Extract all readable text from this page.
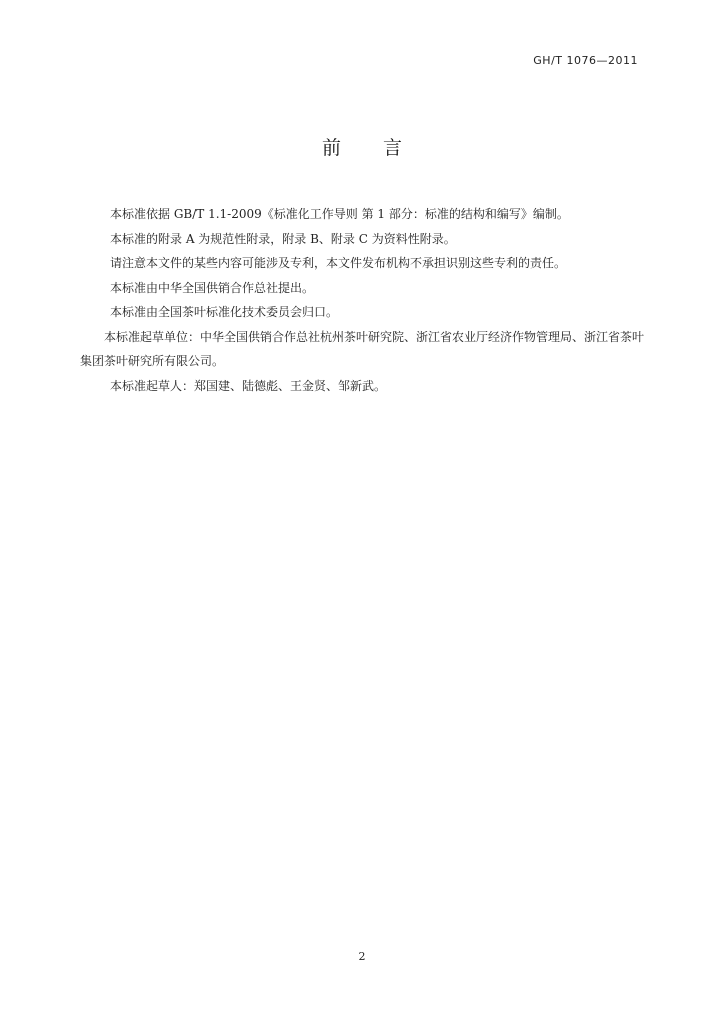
GH/T 1076—2011
前 言

本标准依据 GB/T 1.1-2009《标准化工作导则 第 1 部分：标准的结构和编写》编制。

本标准的附录 A 为规范性附录，附录 B、附录 C 为资料性附录。

请注意本文件的某些内容可能涉及专利，本文件发布机构不承担识别这些专利的责任。

本标准由中华全国供销合作总社提出。

本标准由全国茶叶标准化技术委员会归口。

本标准起草单位：中华全国供销合作总社杭州茶叶研究院、浙江省农业厅经济作物管理局、浙江省茶叶集团茶叶研究所有限公司。

本标准起草人：郑国建、陆德彪、王金贤、邹新武。

2
